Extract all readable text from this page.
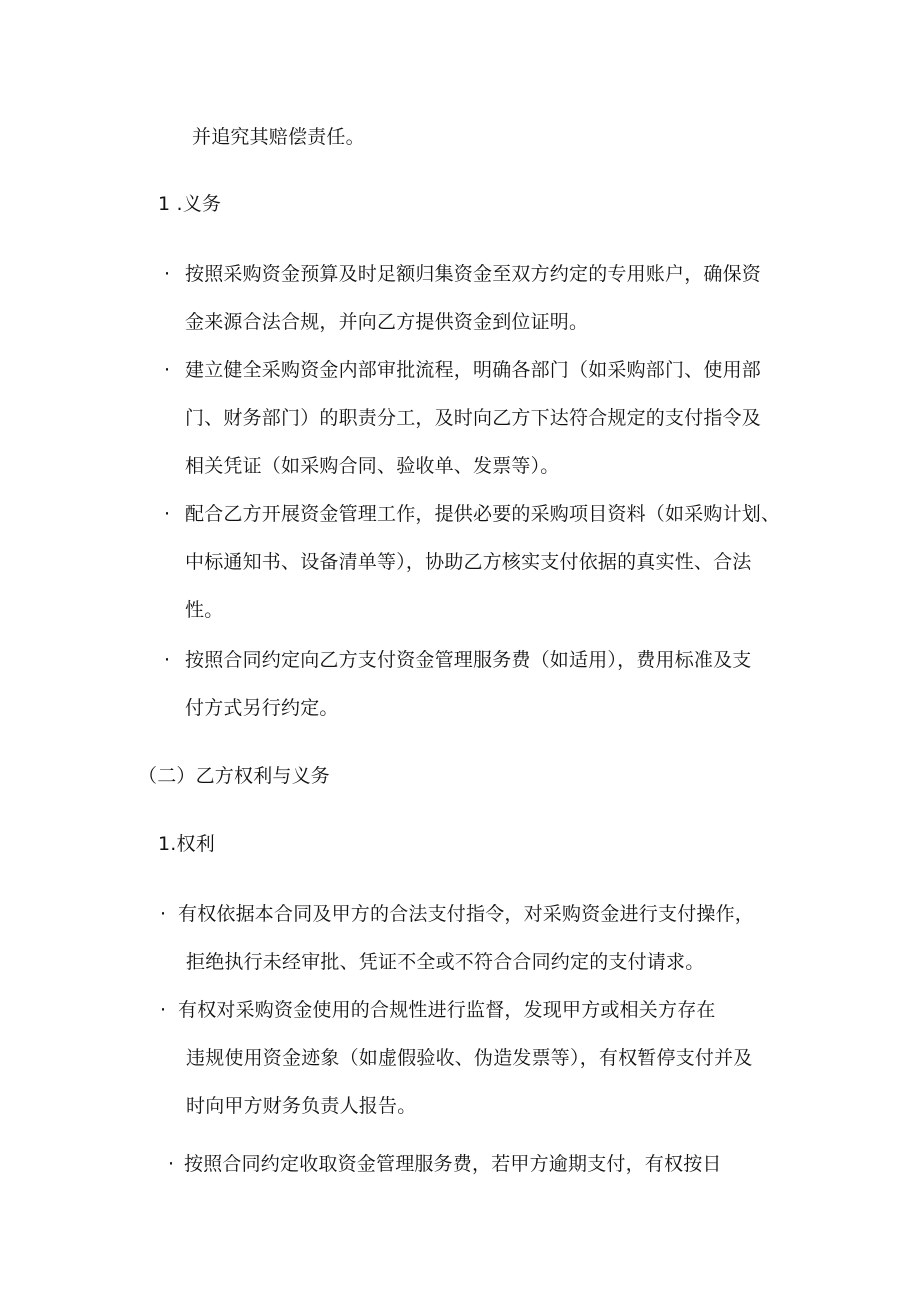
并追究其赔偿责任。
1 .义务
· 按照采购资金预算及时足额归集资金至双方约定的专用账户，确保资
金来源合法合规，并向乙方提供资金到位证明。
· 建立健全采购资金内部审批流程，明确各部门（如采购部门、使用部
门、财务部门）的职责分工，及时向乙方下达符合规定的支付指令及
相关凭证（如采购合同、验收单、发票等）。
· 配合乙方开展资金管理工作，提供必要的采购项目资料（如采购计划、
中标通知书、设备清单等），协助乙方核实支付依据的真实性、合法
性。
· 按照合同约定向乙方支付资金管理服务费（如适用），费用标准及支
付方式另行约定。
（二）乙方权利与义务
1.权利
· 有权依据本合同及甲方的合法支付指令，对采购资金进行支付操作，
拒绝执行未经审批、凭证不全或不符合合同约定的支付请求。
· 有权对采购资金使用的合规性进行监督，发现甲方或相关方存在
违规使用资金迹象（如虚假验收、伪造发票等），有权暂停支付并及
时向甲方财务负责人报告。
· 按照合同约定收取资金管理服务费，若甲方逾期支付，有权按日
